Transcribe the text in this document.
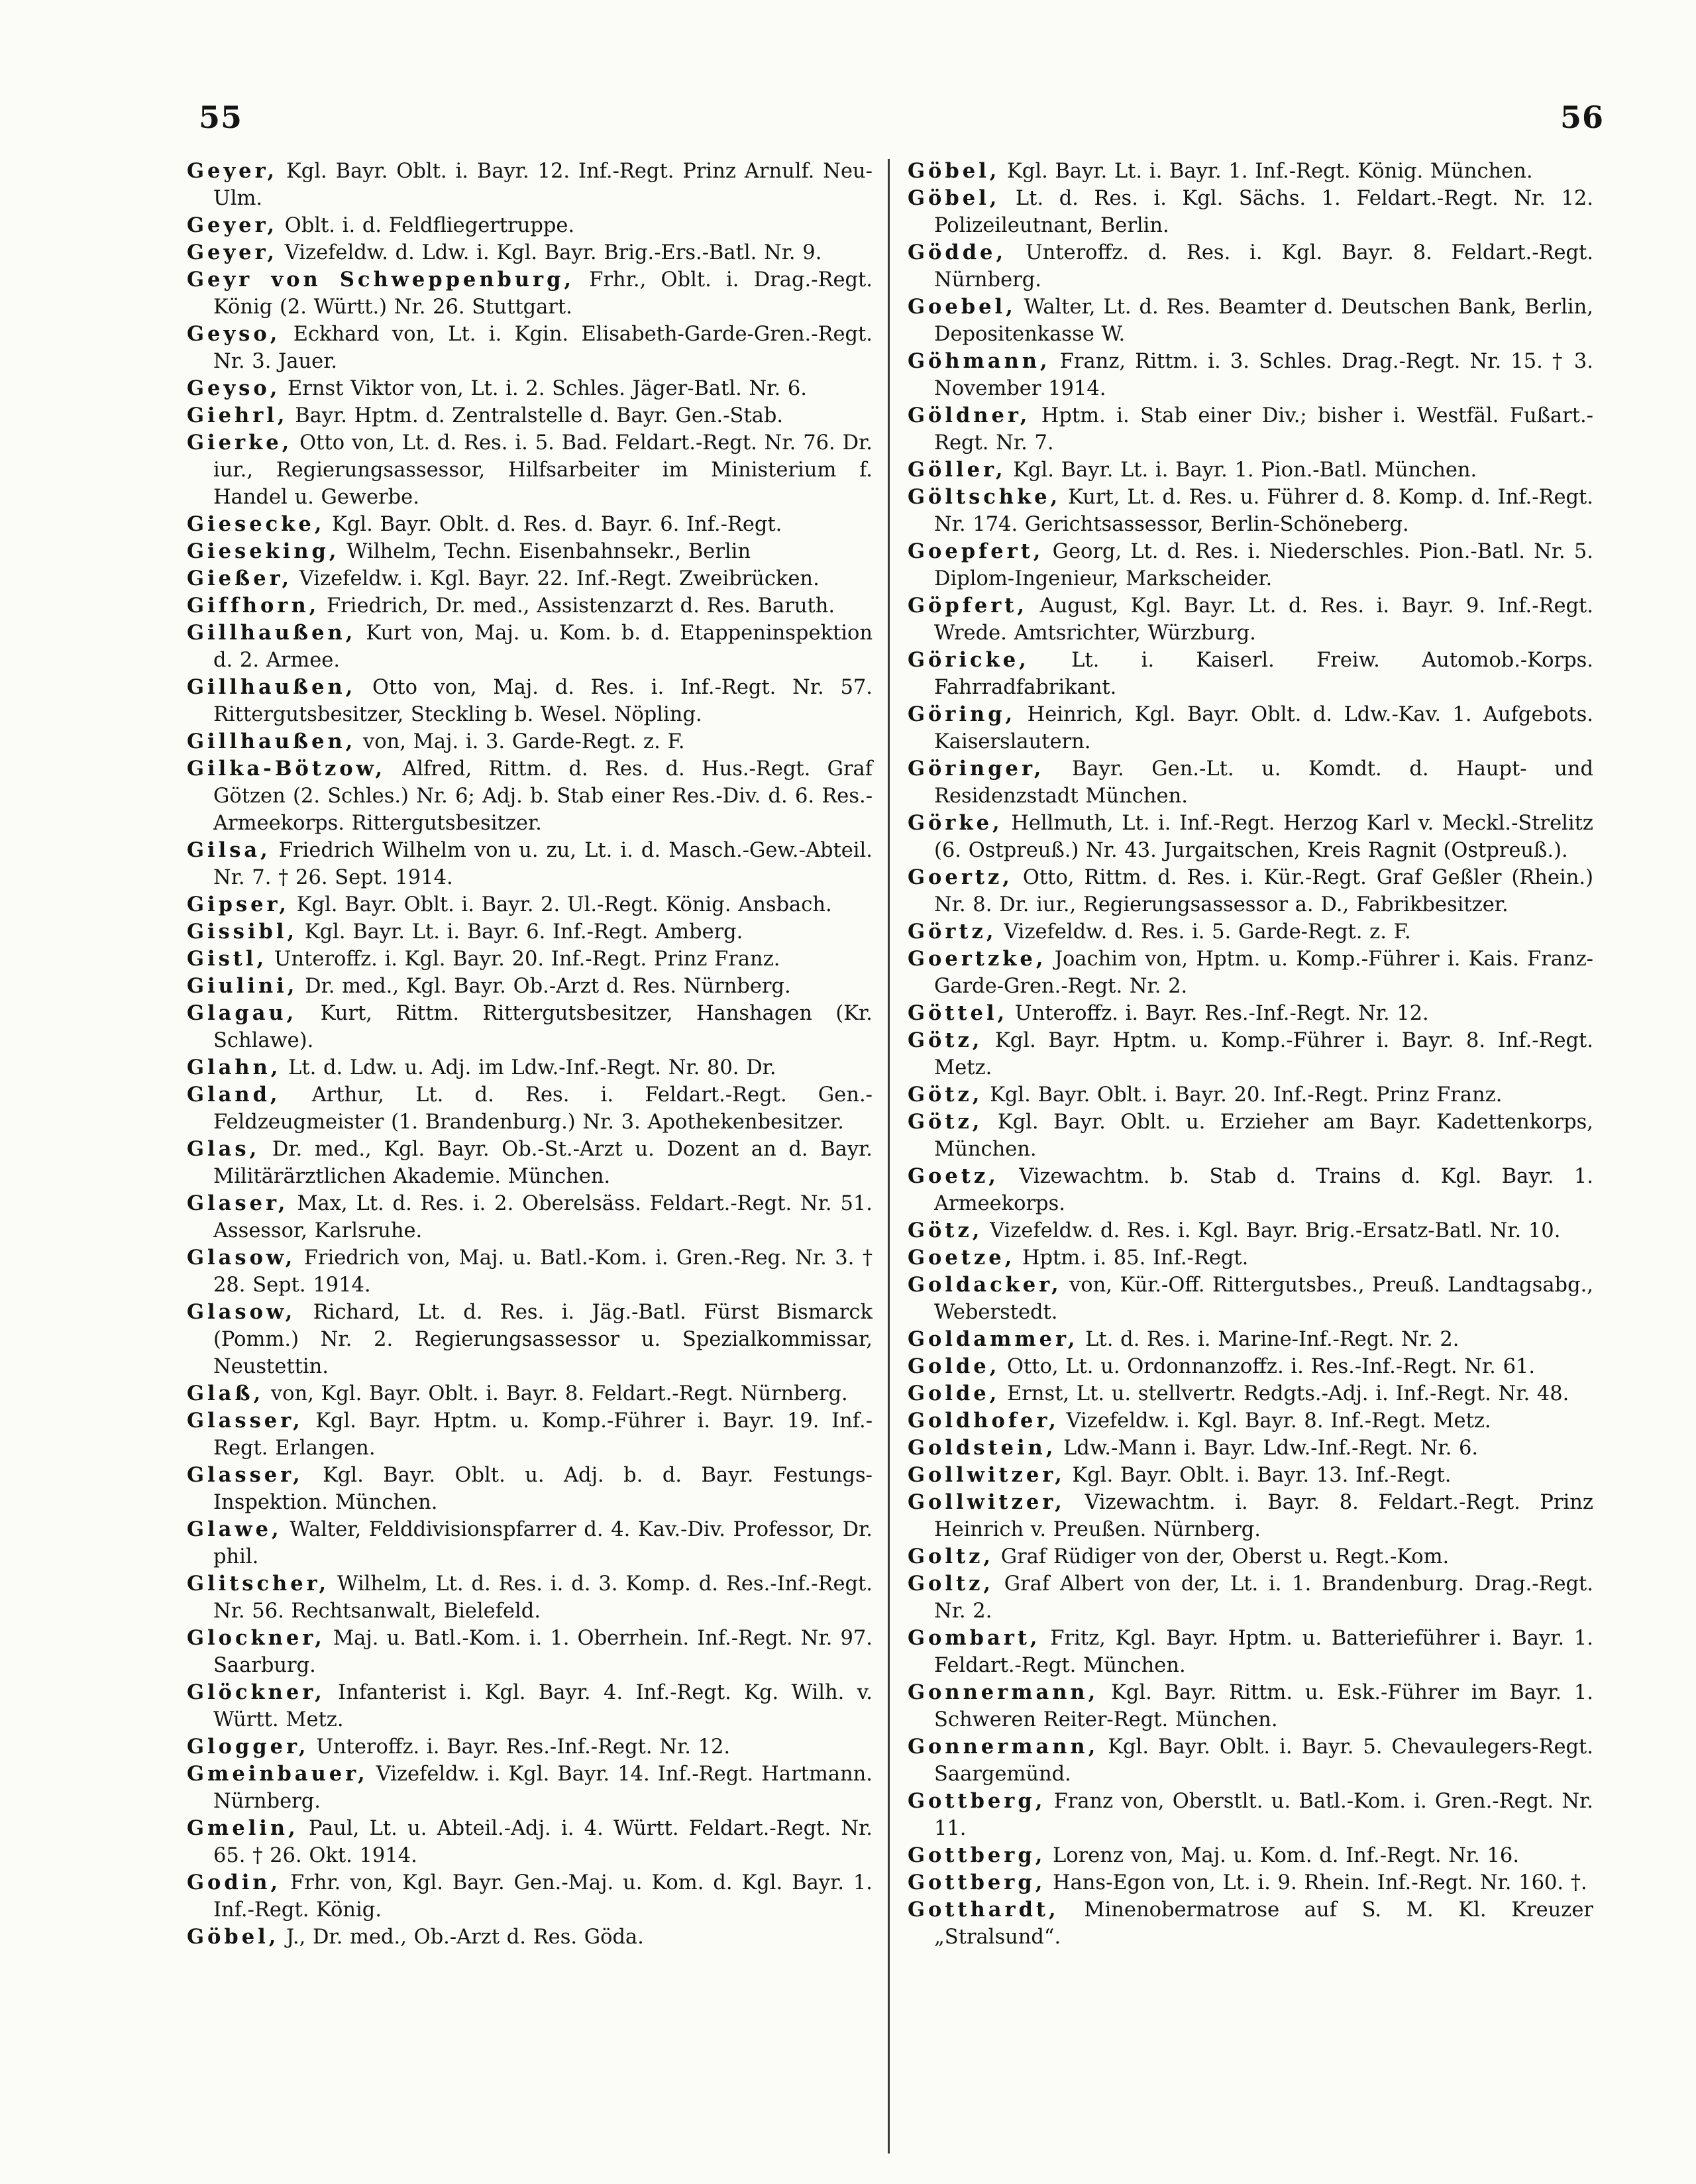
55	56

Geyer, Kgl. Bayr. Oblt. i. Bayr. 12. Inf.-Regt. Prinz Arnulf. Neu-Ulm.

Geyer, Oblt. i. d. Feldfliegertruppe.

Geyer, Vizefeldw. d. Ldw. i. Kgl. Bayr. Brig.-Ers.-Batl. Nr. 9.

Geyr von Schweppenburg, Frhr., Oblt. i. Drag.-Regt. König (2. Württ.) Nr. 26. Stuttgart.

Geyso, Eckhard von, Lt. i. Kgin. Elisabeth-Garde-Gren.-Regt. Nr. 3. Jauer.

Geyso, Ernst Viktor von, Lt. i. 2. Schles. Jäger-Batl. Nr. 6.

Giehrl, Bayr. Hptm. d. Zentralstelle d. Bayr. Gen.-Stab.

Gierke, Otto von, Lt. d. Res. i. 5. Bad. Feldart.-Regt. Nr. 76. Dr. iur., Regierungsassessor, Hilfsarbeiter im Ministerium f. Handel u. Gewerbe.

Giesecke, Kgl. Bayr. Oblt. d. Res. d. Bayr. 6. Inf.-Regt.

Gieseking, Wilhelm, Techn. Eisenbahnsekr., Berlin

Gießer, Vizefeldw. i. Kgl. Bayr. 22. Inf.-Regt. Zweibrücken.

Giffhorn, Friedrich, Dr. med., Assistenzarzt d. Res. Baruth.

Gillhaußen, Kurt von, Maj. u. Kom. b. d. Etappeninspektion d. 2. Armee.

Gillhaußen, Otto von, Maj. d. Res. i. Inf.-Regt. Nr. 57. Rittergutsbesitzer, Steckling b. Wesel. Nöpling.

Gillhaußen, von, Maj. i. 3. Garde-Regt. z. F.

Gilka-Bötzow, Alfred, Rittm. d. Res. d. Hus.-Regt. Graf Götzen (2. Schles.) Nr. 6; Adj. b. Stab einer Res.-Div. d. 6. Res.-Armeekorps. Rittergutsbesitzer.

Gilsa, Friedrich Wilhelm von u. zu, Lt. i. d. Masch.-Gew.-Abteil. Nr. 7. † 26. Sept. 1914.

Gipser, Kgl. Bayr. Oblt. i. Bayr. 2. Ul.-Regt. König. Ansbach.

Gissibl, Kgl. Bayr. Lt. i. Bayr. 6. Inf.-Regt. Amberg.

Gistl, Unteroffz. i. Kgl. Bayr. 20. Inf.-Regt. Prinz Franz.

Giulini, Dr. med., Kgl. Bayr. Ob.-Arzt d. Res. Nürnberg.

Glagau, Kurt, Rittm. Rittergutsbesitzer, Hanshagen (Kr. Schlawe).

Glahn, Lt. d. Ldw. u. Adj. im Ldw.-Inf.-Regt. Nr. 80. Dr.

Gland, Arthur, Lt. d. Res. i. Feldart.-Regt. Gen.-Feldzeugmeister (1. Brandenburg.) Nr. 3. Apothekenbesitzer.

Glas, Dr. med., Kgl. Bayr. Ob.-St.-Arzt u. Dozent an d. Bayr. Militärärztlichen Akademie. München.

Glaser, Max, Lt. d. Res. i. 2. Oberelsäss. Feldart.-Regt. Nr. 51. Assessor, Karlsruhe.

Glasow, Friedrich von, Maj. u. Batl.-Kom. i. Gren.-Reg. Nr. 3. † 28. Sept. 1914.

Glasow, Richard, Lt. d. Res. i. Jäg.-Batl. Fürst Bismarck (Pomm.) Nr. 2. Regierungsassessor u. Spezialkommissar, Neustettin.

Glaß, von, Kgl. Bayr. Oblt. i. Bayr. 8. Feldart.-Regt. Nürnberg.

Glasser, Kgl. Bayr. Hptm. u. Komp.-Führer i. Bayr. 19. Inf.-Regt. Erlangen.

Glasser, Kgl. Bayr. Oblt. u. Adj. b. d. Bayr. Festungs-Inspektion. München.

Glawe, Walter, Felddivisionspfarrer d. 4. Kav.-Div. Professor, Dr. phil.

Glitscher, Wilhelm, Lt. d. Res. i. d. 3. Komp. d. Res.-Inf.-Regt. Nr. 56. Rechtsanwalt, Bielefeld.

Glockner, Maj. u. Batl.-Kom. i. 1. Oberrhein. Inf.-Regt. Nr. 97. Saarburg.

Glöckner, Infanterist i. Kgl. Bayr. 4. Inf.-Regt. Kg. Wilh. v. Württ. Metz.

Glogger, Unteroffz. i. Bayr. Res.-Inf.-Regt. Nr. 12.

Gmeinbauer, Vizefeldw. i. Kgl. Bayr. 14. Inf.-Regt. Hartmann. Nürnberg.

Gmelin, Paul, Lt. u. Abteil.-Adj. i. 4. Württ. Feldart.-Regt. Nr. 65. † 26. Okt. 1914.

Godin, Frhr. von, Kgl. Bayr. Gen.-Maj. u. Kom. d. Kgl. Bayr. 1. Inf.-Regt. König.

Göbel, J., Dr. med., Ob.-Arzt d. Res. Göda.

Göbel, Kgl. Bayr. Lt. i. Bayr. 1. Inf.-Regt. König. München.

Göbel, Lt. d. Res. i. Kgl. Sächs. 1. Feldart.-Regt. Nr. 12. Polizeileutnant, Berlin.

Gödde, Unteroffz. d. Res. i. Kgl. Bayr. 8. Feldart.-Regt. Nürnberg.

Goebel, Walter, Lt. d. Res. Beamter d. Deutschen Bank, Berlin, Depositenkasse W.

Göhmann, Franz, Rittm. i. 3. Schles. Drag.-Regt. Nr. 15. † 3. November 1914.

Göldner, Hptm. i. Stab einer Div.; bisher i. Westfäl. Fußart.-Regt. Nr. 7.

Göller, Kgl. Bayr. Lt. i. Bayr. 1. Pion.-Batl. München.

Göltschke, Kurt, Lt. d. Res. u. Führer d. 8. Komp. d. Inf.-Regt. Nr. 174. Gerichtsassessor, Berlin-Schöneberg.

Goepfert, Georg, Lt. d. Res. i. Niederschles. Pion.-Batl. Nr. 5. Diplom-Ingenieur, Markscheider.

Göpfert, August, Kgl. Bayr. Lt. d. Res. i. Bayr. 9. Inf.-Regt. Wrede. Amtsrichter, Würzburg.

Göricke, Lt. i. Kaiserl. Freiw. Automob.-Korps. Fahrradfabrikant.

Göring, Heinrich, Kgl. Bayr. Oblt. d. Ldw.-Kav. 1. Aufgebots. Kaiserslautern.

Göringer, Bayr. Gen.-Lt. u. Komdt. d. Haupt- und Residenzstadt München.

Görke, Hellmuth, Lt. i. Inf.-Regt. Herzog Karl v. Meckl.-Strelitz (6. Ostpreuß.) Nr. 43. Jurgaitschen, Kreis Ragnit (Ostpreuß.).

Goertz, Otto, Rittm. d. Res. i. Kür.-Regt. Graf Geßler (Rhein.) Nr. 8. Dr. iur., Regierungsassessor a. D., Fabrikbesitzer.

Görtz, Vizefeldw. d. Res. i. 5. Garde-Regt. z. F.

Goertzke, Joachim von, Hptm. u. Komp.-Führer i. Kais. Franz-Garde-Gren.-Regt. Nr. 2.

Göttel, Unteroffz. i. Bayr. Res.-Inf.-Regt. Nr. 12.

Götz, Kgl. Bayr. Hptm. u. Komp.-Führer i. Bayr. 8. Inf.-Regt. Metz.

Götz, Kgl. Bayr. Oblt. i. Bayr. 20. Inf.-Regt. Prinz Franz.

Götz, Kgl. Bayr. Oblt. u. Erzieher am Bayr. Kadettenkorps, München.

Goetz, Vizewachtm. b. Stab d. Trains d. Kgl. Bayr. 1. Armeekorps.

Götz, Vizefeldw. d. Res. i. Kgl. Bayr. Brig.-Ersatz-Batl. Nr. 10.

Goetze, Hptm. i. 85. Inf.-Regt.

Goldacker, von, Kür.-Off. Rittergutsbes., Preuß. Landtagsabg., Weberstedt.

Goldammer, Lt. d. Res. i. Marine-Inf.-Regt. Nr. 2.

Golde, Otto, Lt. u. Ordonnanzoffz. i. Res.-Inf.-Regt. Nr. 61.

Golde, Ernst, Lt. u. stellvertr. Redgts.-Adj. i. Inf.-Regt. Nr. 48.

Goldhofer, Vizefeldw. i. Kgl. Bayr. 8. Inf.-Regt. Metz.

Goldstein, Ldw.-Mann i. Bayr. Ldw.-Inf.-Regt. Nr. 6.

Gollwitzer, Kgl. Bayr. Oblt. i. Bayr. 13. Inf.-Regt.

Gollwitzer, Vizewachtm. i. Bayr. 8. Feldart.-Regt. Prinz Heinrich v. Preußen. Nürnberg.

Goltz, Graf Rüdiger von der, Oberst u. Regt.-Kom.

Goltz, Graf Albert von der, Lt. i. 1. Brandenburg. Drag.-Regt. Nr. 2.

Gombart, Fritz, Kgl. Bayr. Hptm. u. Batterieführer i. Bayr. 1. Feldart.-Regt. München.

Gonnermann, Kgl. Bayr. Rittm. u. Esk.-Führer im Bayr. 1. Schweren Reiter-Regt. München.

Gonnermann, Kgl. Bayr. Oblt. i. Bayr. 5. Chevaulegers-Regt. Saargemünd.

Gottberg, Franz von, Oberstlt. u. Batl.-Kom. i. Gren.-Regt. Nr. 11.

Gottberg, Lorenz von, Maj. u. Kom. d. Inf.-Regt. Nr. 16.

Gottberg, Hans-Egon von, Lt. i. 9. Rhein. Inf.-Regt. Nr. 160. †.

Gotthardt, Minenobermatrose auf S. M. Kl. Kreuzer „Stralsund“.
